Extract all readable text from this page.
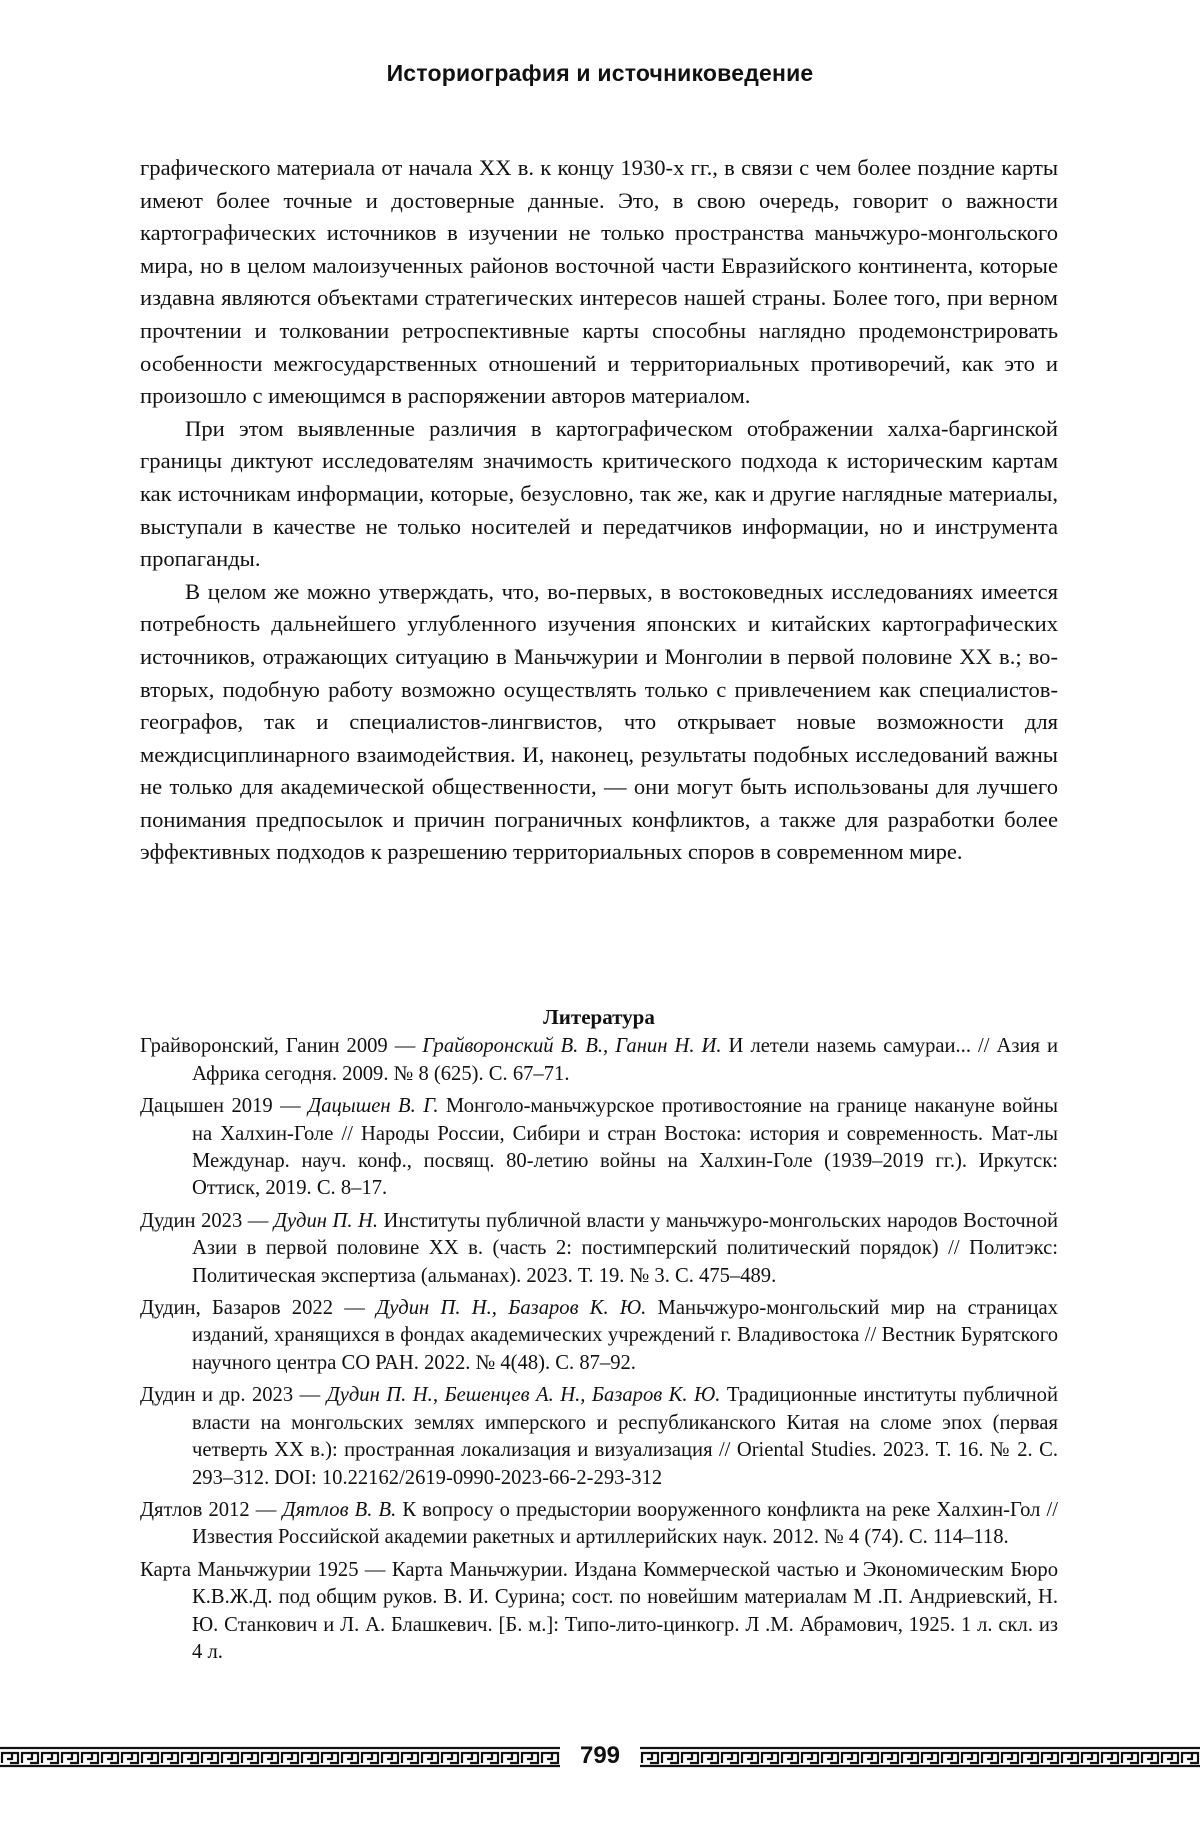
Историография и источниковедение

графического материала от начала XX в. к концу 1930-х гг., в связи с чем более поздние карты имеют более точные и достоверные данные. Это, в свою очередь, говорит о важности картографических источников в изучении не только пространства маньчжуро-монгольского мира, но в целом малоизученных районов восточной части Евразийского континента, которые издавна являются объектами стратегических интересов нашей страны. Более того, при верном прочтении и толковании ретроспективные карты способны наглядно продемонстрировать особенности межгосударственных отношений и территориальных противоречий, как это и произошло с имеющимся в распоряжении авторов материалом.

При этом выявленные различия в картографическом отображении халха-баргинской границы диктуют исследователям значимость критического подхода к историческим картам как источникам информации, которые, безусловно, так же, как и другие наглядные материалы, выступали в качестве не только носителей и передатчиков информации, но и инструмента пропаганды.

В целом же можно утверждать, что, во-первых, в востоковедных исследованиях имеется потребность дальнейшего углубленного изучения японских и китайских картографических источников, отражающих ситуацию в Маньчжурии и Монголии в первой половине XX в.; во-вторых, подобную работу возможно осуществлять только с привлечением как специалистов-географов, так и специалистов-лингвистов, что открывает новые возможности для междисциплинарного взаимодействия. И, наконец, результаты подобных исследований важны не только для академической общественности, — они могут быть использованы для лучшего понимания предпосылок и причин пограничных конфликтов, а также для разработки более эффективных подходов к разрешению территориальных споров в современном мире.

Литература
Грайворонский, Ганин 2009 — Грайворонский В. В., Ганин Н. И. И летели наземь самураи... // Азия и Африка сегодня. 2009. № 8 (625). С. 67–71.
Дацышен 2019 — Дацышен В. Г. Монголо-маньчжурское противостояние на границе накануне войны на Халхин-Голе // Народы России, Сибири и стран Востока: история и современность. Мат-лы Междунар. науч. конф., посвящ. 80-летию войны на Халхин-Голе (1939–2019 гг.). Иркутск: Оттиск, 2019. С. 8–17.
Дудин 2023 — Дудин П. Н. Институты публичной власти у маньчжуро-монгольских народов Восточной Азии в первой половине XX в. (часть 2: постимперский политический порядок) // Политэкс: Политическая экспертиза (альманах). 2023. Т. 19. № 3. С. 475–489.
Дудин, Базаров 2022 — Дудин П. Н., Базаров К. Ю. Маньчжуро-монгольский мир на страницах изданий, хранящихся в фондах академических учреждений г. Владивостока // Вестник Бурятского научного центра СО РАН. 2022. № 4(48). С. 87–92.
Дудин и др. 2023 — Дудин П. Н., Бешенцев А. Н., Базаров К. Ю. Традиционные институты публичной власти на монгольских землях имперского и республиканского Китая на сломе эпох (первая четверть XX в.): пространная локализация и визуализация // Oriental Studies. 2023. Т. 16. № 2. С. 293–312. DOI: 10.22162/2619-0990-2023-66-2-293-312
Дятлов 2012 — Дятлов В. В. К вопросу о предыстории вооруженного конфликта на реке Халхин-Гол // Известия Российской академии ракетных и артиллерийских наук. 2012. № 4 (74). С. 114–118.
Карта Маньчжурии 1925 — Карта Маньчжурии. Издана Коммерческой частью и Экономическим Бюро К.В.Ж.Д. под общим руков. В. И. Сурина; сост. по новейшим материалам М .П. Андриевский, Н. Ю. Станкович и Л. А. Блашкевич. [Б. м.]: Типо-лито-цинкогр. Л .М. Абрамович, 1925. 1 л. скл. из 4 л.
799
